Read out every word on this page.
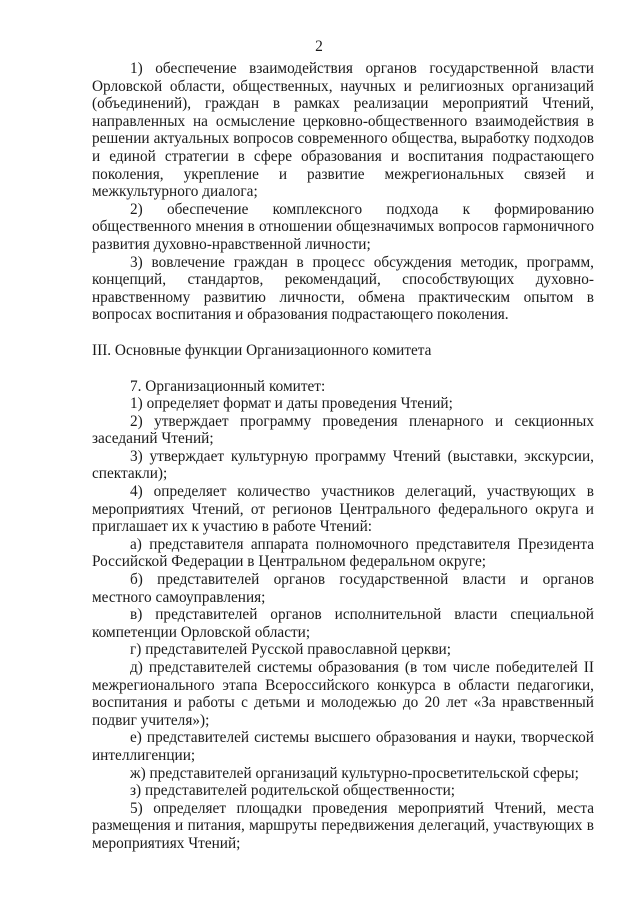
2

1) обеспечение взаимодействия органов государственной власти Орловской области, общественных, научных и религиозных организаций (объединений), граждан в рамках реализации мероприятий Чтений, направленных на осмысление церковно-общественного взаимодействия в решении актуальных вопросов современного общества, выработку подходов и единой стратегии в сфере образования и воспитания подрастающего поколения, укрепление и развитие межрегиональных связей и межкультурного диалога;

2) обеспечение комплексного подхода к формированию общественного мнения в отношении общезначимых вопросов гармоничного развития духовно-нравственной личности;

3) вовлечение граждан в процесс обсуждения методик, программ, концепций, стандартов, рекомендаций, способствующих духовно-нравственному развитию личности, обмена практическим опытом в вопросах воспитания и образования подрастающего поколения.

III. Основные функции Организационного комитета

7. Организационный комитет:

1) определяет формат и даты проведения Чтений;

2) утверждает программу проведения пленарного и секционных заседаний Чтений;

3) утверждает культурную программу Чтений (выставки, экскурсии, спектакли);

4) определяет количество участников делегаций, участвующих в мероприятиях Чтений, от регионов Центрального федерального округа и приглашает их к участию в работе Чтений:

а) представителя аппарата полномочного представителя Президента Российской Федерации в Центральном федеральном округе;

б) представителей органов государственной власти и органов местного самоуправления;

в) представителей органов исполнительной власти специальной компетенции Орловской области;

г) представителей Русской православной церкви;

д) представителей системы образования (в том числе победителей II межрегионального этапа Всероссийского конкурса в области педагогики, воспитания и работы с детьми и молодежью до 20 лет «За нравственный подвиг учителя»);

е) представителей системы высшего образования и науки, творческой интеллигенции;

ж) представителей организаций культурно-просветительской сферы;

з) представителей родительской общественности;

5) определяет площадки проведения мероприятий Чтений, места размещения и питания, маршруты передвижения делегаций, участвующих в мероприятиях Чтений;
